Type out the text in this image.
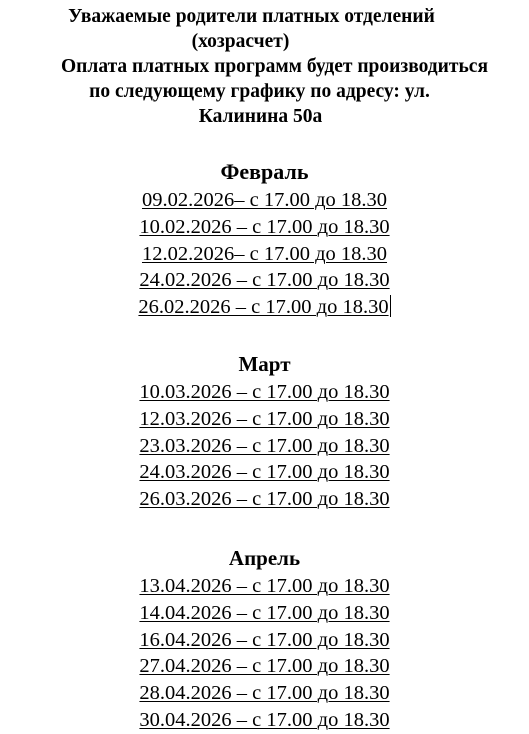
Уважаемые родители платных отделений
(хозрасчет)
Оплата платных программ будет производиться
по следующему графику по адресу: ул.
Калинина 50а
Февраль
09.02.2026– с 17.00 до 18.30
10.02.2026 – с 17.00 до 18.30
12.02.2026– с 17.00 до 18.30
24.02.2026 – с 17.00 до 18.30
26.02.2026 – с 17.00 до 18.30
Март
10.03.2026 – с 17.00 до 18.30
12.03.2026 – с 17.00 до 18.30
23.03.2026 – с 17.00 до 18.30
24.03.2026 – с 17.00 до 18.30
26.03.2026 – с 17.00 до 18.30
Апрель
13.04.2026 – с 17.00 до 18.30
14.04.2026 – с 17.00 до 18.30
16.04.2026 – с 17.00 до 18.30
27.04.2026 – с 17.00 до 18.30
28.04.2026 – с 17.00 до 18.30
30.04.2026 – с 17.00 до 18.30
